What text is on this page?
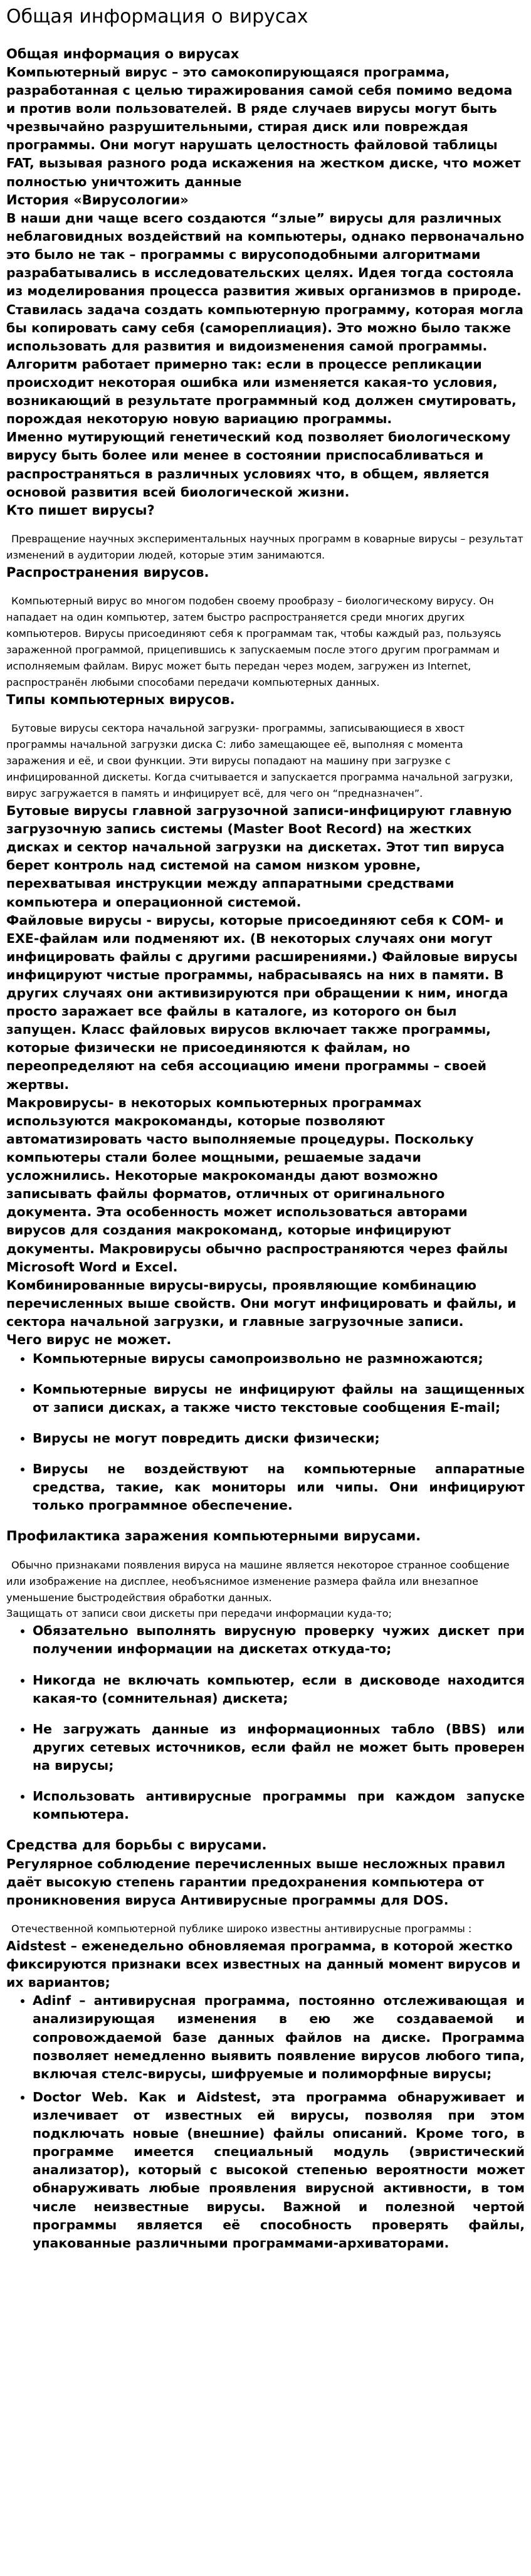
Общая информация о вирусах

Общая информация о вирусах

Компьютерный вирус – это самокопирующаяся программа, разработанная с целью тиражирования самой себя помимо ведома и против воли пользователей. В ряде случаев вирусы могут быть чрезвычайно разрушительными, стирая диск или повреждая программы. Они могут нарушать целостность файловой таблицы FAT, вызывая разного рода искажения на жестком диске, что может полностью уничтожить данные

История «Вирусологии»

В наши дни чаще всего создаются “злые” вирусы для различных неблаговидных воздействий на компьютеры, однако первоначально это было не так – программы с вирусоподобными алгоритмами разрабатывались в исследовательских целях. Идея тогда состояла из моделирования процесса развития живых организмов в природе. Ставилась задача создать компьютерную программу, которая могла бы копировать саму себя (самореплиация). Это можно было также использовать для развития и видоизменения самой программы. Алгоритм работает примерно так: если в процессе репликации происходит некоторая ошибка или изменяется какая-то условия, возникающий в результате программный код должен смутировать, порождая некоторую новую вариацию программы.

Именно мутирующий генетический код позволяет биологическому вирусу быть более или менее в состоянии приспосабливаться и распространяться в различных условиях что, в общем, является основой развития всей биологической жизни.

Кто пишет вирусы?

Превращение научных экспериментальных научных программ в коварные вирусы – результат изменений в аудитории людей, которые этим занимаются.

Распространения вирусов.

Компьютерный вирус во многом подобен своему прообразу – биологическому вирусу. Он нападает на один компьютер, затем быстро распространяется среди многих других компьютеров. Вирусы присоединяют себя к программам так, чтобы каждый раз, пользуясь зараженной программой, прицепившись к запускаемым после этого другим программам и исполняемым файлам. Вирус может быть передан через модем, загружен из Internet, распространён любыми способами передачи компьютерных данных.

Типы компьютерных вирусов.

Бутовые вирусы сектора начальной загрузки- программы, записывающиеся в хвост программы начальной загрузки диска С: либо замещающее её, выполняя с момента заражения и её, и свои функции. Эти вирусы попадают на машину при загрузке с инфицированной дискеты. Когда считывается и запускается программа начальной загрузки, вирус загружается в память и инфицирует всё, для чего он “предназначен”.

Бутовые вирусы главной загрузочной записи-инфицируют главную загрузочную запись системы (Master Boot Record) на жестких дисках и сектор начальной загрузки на дискетах. Этот тип вируса берет контроль над системой на самом низком уровне, перехватывая инструкции между аппаратными средствами компьютера и операционной системой.

Файловые вирусы - вирусы, которые присоединяют себя к COM- и EXE-файлам или подменяют их. (В некоторых случаях они могут инфицировать файлы с другими расширениями.) Файловые вирусы инфицируют чистые программы, набрасываясь на них в памяти. В других случаях они активизируются при обращении к ним, иногда просто заражает все файлы в каталоге, из которого он был запущен. Класс файловых вирусов включает также программы, которые физически не присоединяются к файлам, но переопределяют на себя ассоциацию имени программы – своей жертвы.

Макровирусы- в некоторых компьютерных программах используются макрокоманды, которые позволяют автоматизировать часто выполняемые процедуры. Поскольку компьютеры стали более мощными, решаемые задачи усложнились. Некоторые макрокоманды дают возможно записывать файлы форматов, отличных от оригинального документа. Эта особенность может использоваться авторами вирусов для создания макрокоманд, которые инфицируют документы. Макровирусы обычно распространяются через файлы Microsoft Word и Excel.

Комбинированные вирусы-вирусы, проявляющие комбинацию перечисленных выше свойств. Они могут инфицировать и файлы, и сектора начальной загрузки, и главные загрузочные записи.

Чего вирус не может.

• Компьютерные вирусы самопроизвольно не размножаются;
• Компьютерные вирусы не инфицируют файлы на защищенных от записи дисках, а также чисто текстовые сообщения E-mail;
• Вирусы не могут повредить диски физически;
• Вирусы не воздействуют на компьютерные аппаратные средства, такие, как мониторы или чипы. Они инфицируют только программное обеспечение.

Профилактика заражения компьютерными вирусами.

Обычно признаками появления вируса на машине является некоторое странное сообщение или изображение на дисплее, необъяснимое изменение размера файла или внезапное уменьшение быстродействия обработки данных.

Защищать от записи свои дискеты при передачи информации куда-то;

• Обязательно выполнять вирусную проверку чужих дискет при получении информации на дискетах откуда-то;
• Никогда не включать компьютер, если в дисководе находится какая-то (сомнительная) дискета;
• Не загружать данные из информационных табло (BBS) или других сетевых источников, если файл не может быть проверен на вирусы;
• Использовать антивирусные программы при каждом запуске компьютера.

Средства для борьбы с вирусами.

Регулярное соблюдение перечисленных выше несложных правил даёт высокую степень гарантии предохранения компьютера от проникновения вируса Антивирусные программы для DOS.

Отечественной компьютерной публике широко известны антивирусные программы :

Aidstest – еженедельно обновляемая программа, в которой жестко фиксируются признаки всех известных на данный момент вирусов и их вариантов;

• Adinf – антивирусная программа, постоянно отслеживающая и анализирующая изменения в ею же создаваемой и сопровождаемой базе данных файлов на диске. Программа позволяет немедленно выявить появление вирусов любого типа, включая стелс-вирусы, шифруемые и полиморфные вирусы;
• Doctor Web. Как и Aidstest, эта программа обнаруживает и излечивает от известных ей вирусы, позволяя при этом подключать новые (внешние) файлы описаний. Кроме того, в программе имеется специальный модуль (эвристический анализатор), который с высокой степенью вероятности может обнаруживать любые проявления вирусной активности, в том числе неизвестные вирусы. Важной и полезной чертой программы является её способность проверять файлы, упакованные различными программами-архиваторами.
